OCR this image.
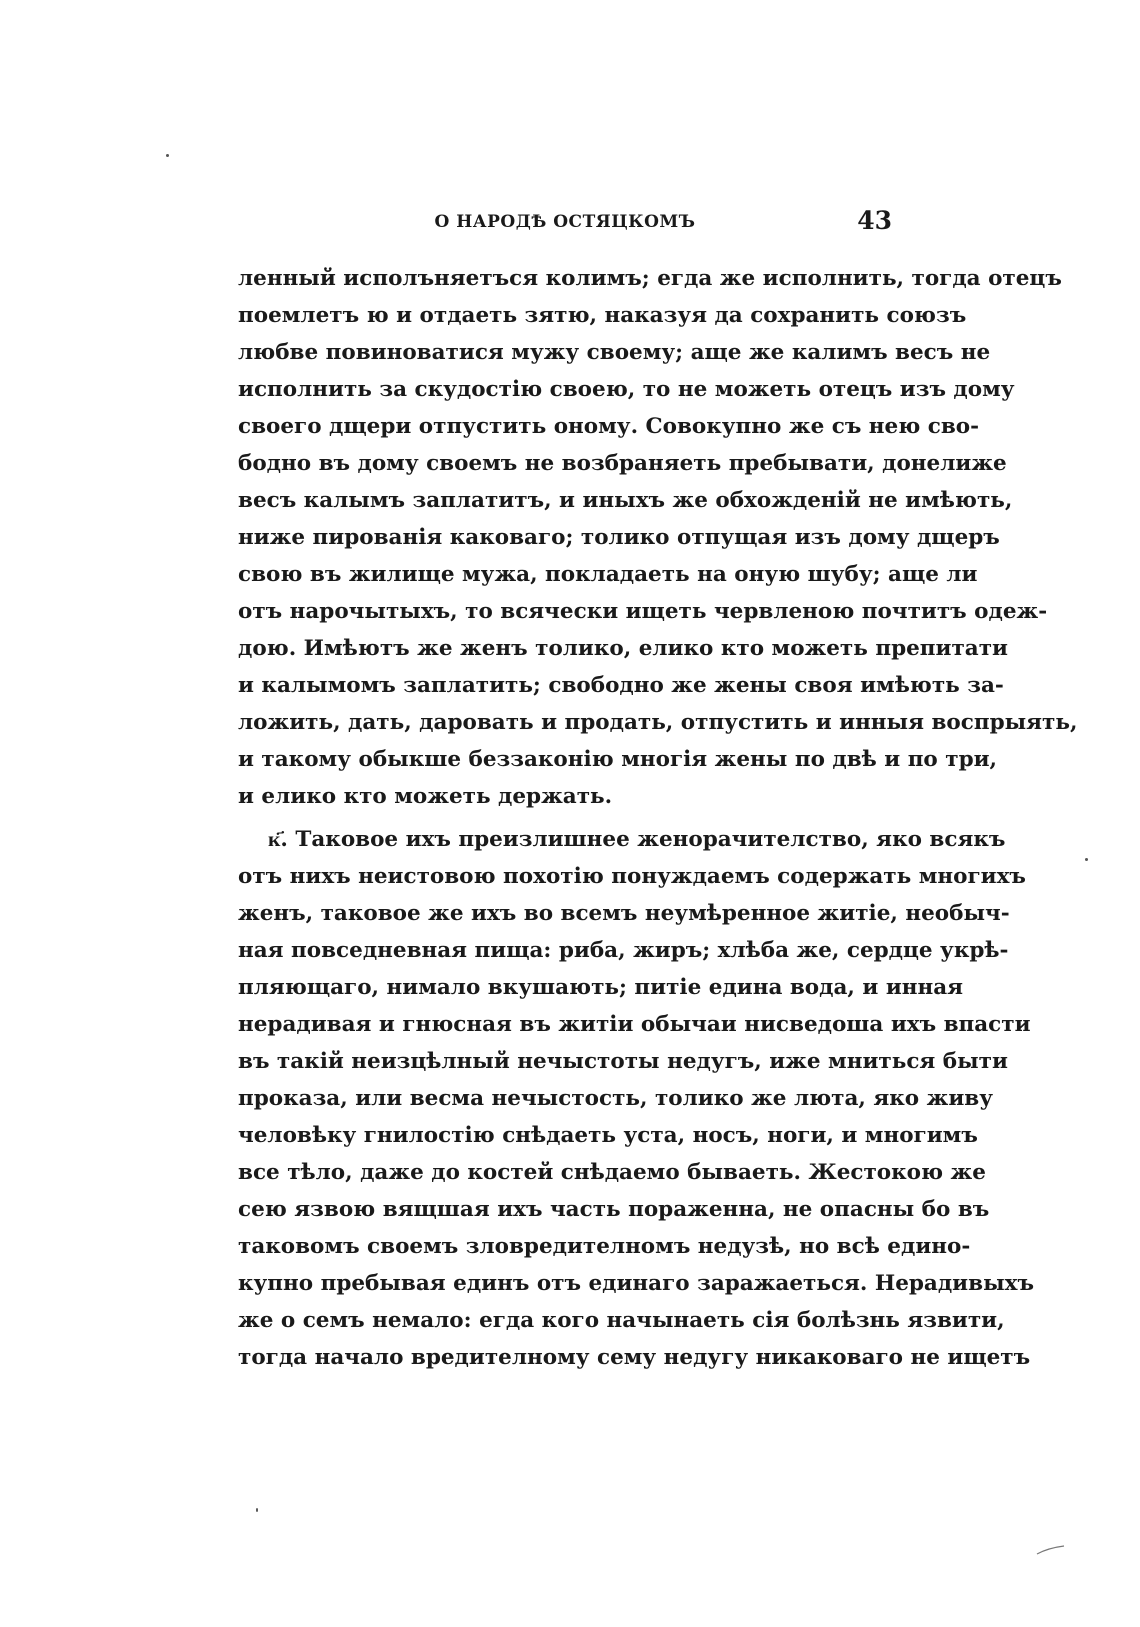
О НАРОДѢ ОСТЯЦКОМЪ	43
ленный исполъняетъся колимъ; егда же исполнить, тогда отецъ
поемлетъ ю и отдаеть зятю, наказуя да сохранить союзъ
любве повиноватися мужу своему; аще же калимъ весъ не
исполнить за скудостію своею, то не можеть отецъ изъ дому
своего дщери отпустить оному. Совокупно же съ нею сво-
бодно въ дому своемъ не возбраняеть пребывати, донелиже
весъ калымъ заплатитъ, и иныхъ же обхожденій не имѣють,
ниже пированія каковаго; толико отпущая изъ дому дщеръ
свою въ жилище мужа, покладаеть на оную шубу; аще ли
отъ нарочытыхъ, то всячески ищеть червленою почтитъ одеж-
дою. Имѣютъ же женъ толико, елико кто можеть препитати
и калымомъ заплатить; свободно же жены своя имѣють за-
ложить, дать, даровать и продать, отпустить и инныя воспрыять,
и такому обыкше беззаконію многія жены по двѣ и по три,
и елико кто можеть держать.
к҃. Таковое ихъ преизлишнее женорачителство, яко всякъ
отъ нихъ неистовою похотію понуждаемъ содержать многихъ
женъ, таковое же ихъ во всемъ неумѣренное житіе, необыч-
ная повседневная пища: риба, жиръ; хлѣба же, сердце укрѣ-
пляющаго, нимало вкушають; питіе едина вода, и инная
нерадивая и гнюсная въ житіи обычаи нисведоша ихъ впасти
въ такій неизцѣлный нечыстоты недугъ, иже мниться быти
проказа, или весма нечыстость, толико же люта, яко живу
человѣку гнилостію снѣдаеть уста, носъ, ноги, и многимъ
все тѣло, даже до костей снѣдаемо бываеть. Жестокою же
сею язвою вящшая ихъ часть пораженна, не опасны бо въ
таковомъ своемъ зловредителномъ недузѣ, но всѣ едино-
купно пребывая единъ отъ единаго заражаеться. Нерадивыхъ
же о семъ немало: егда кого начынаеть сія болѣзнь язвити,
тогда начало вредителному сему недугу никаковаго не ищетъ
